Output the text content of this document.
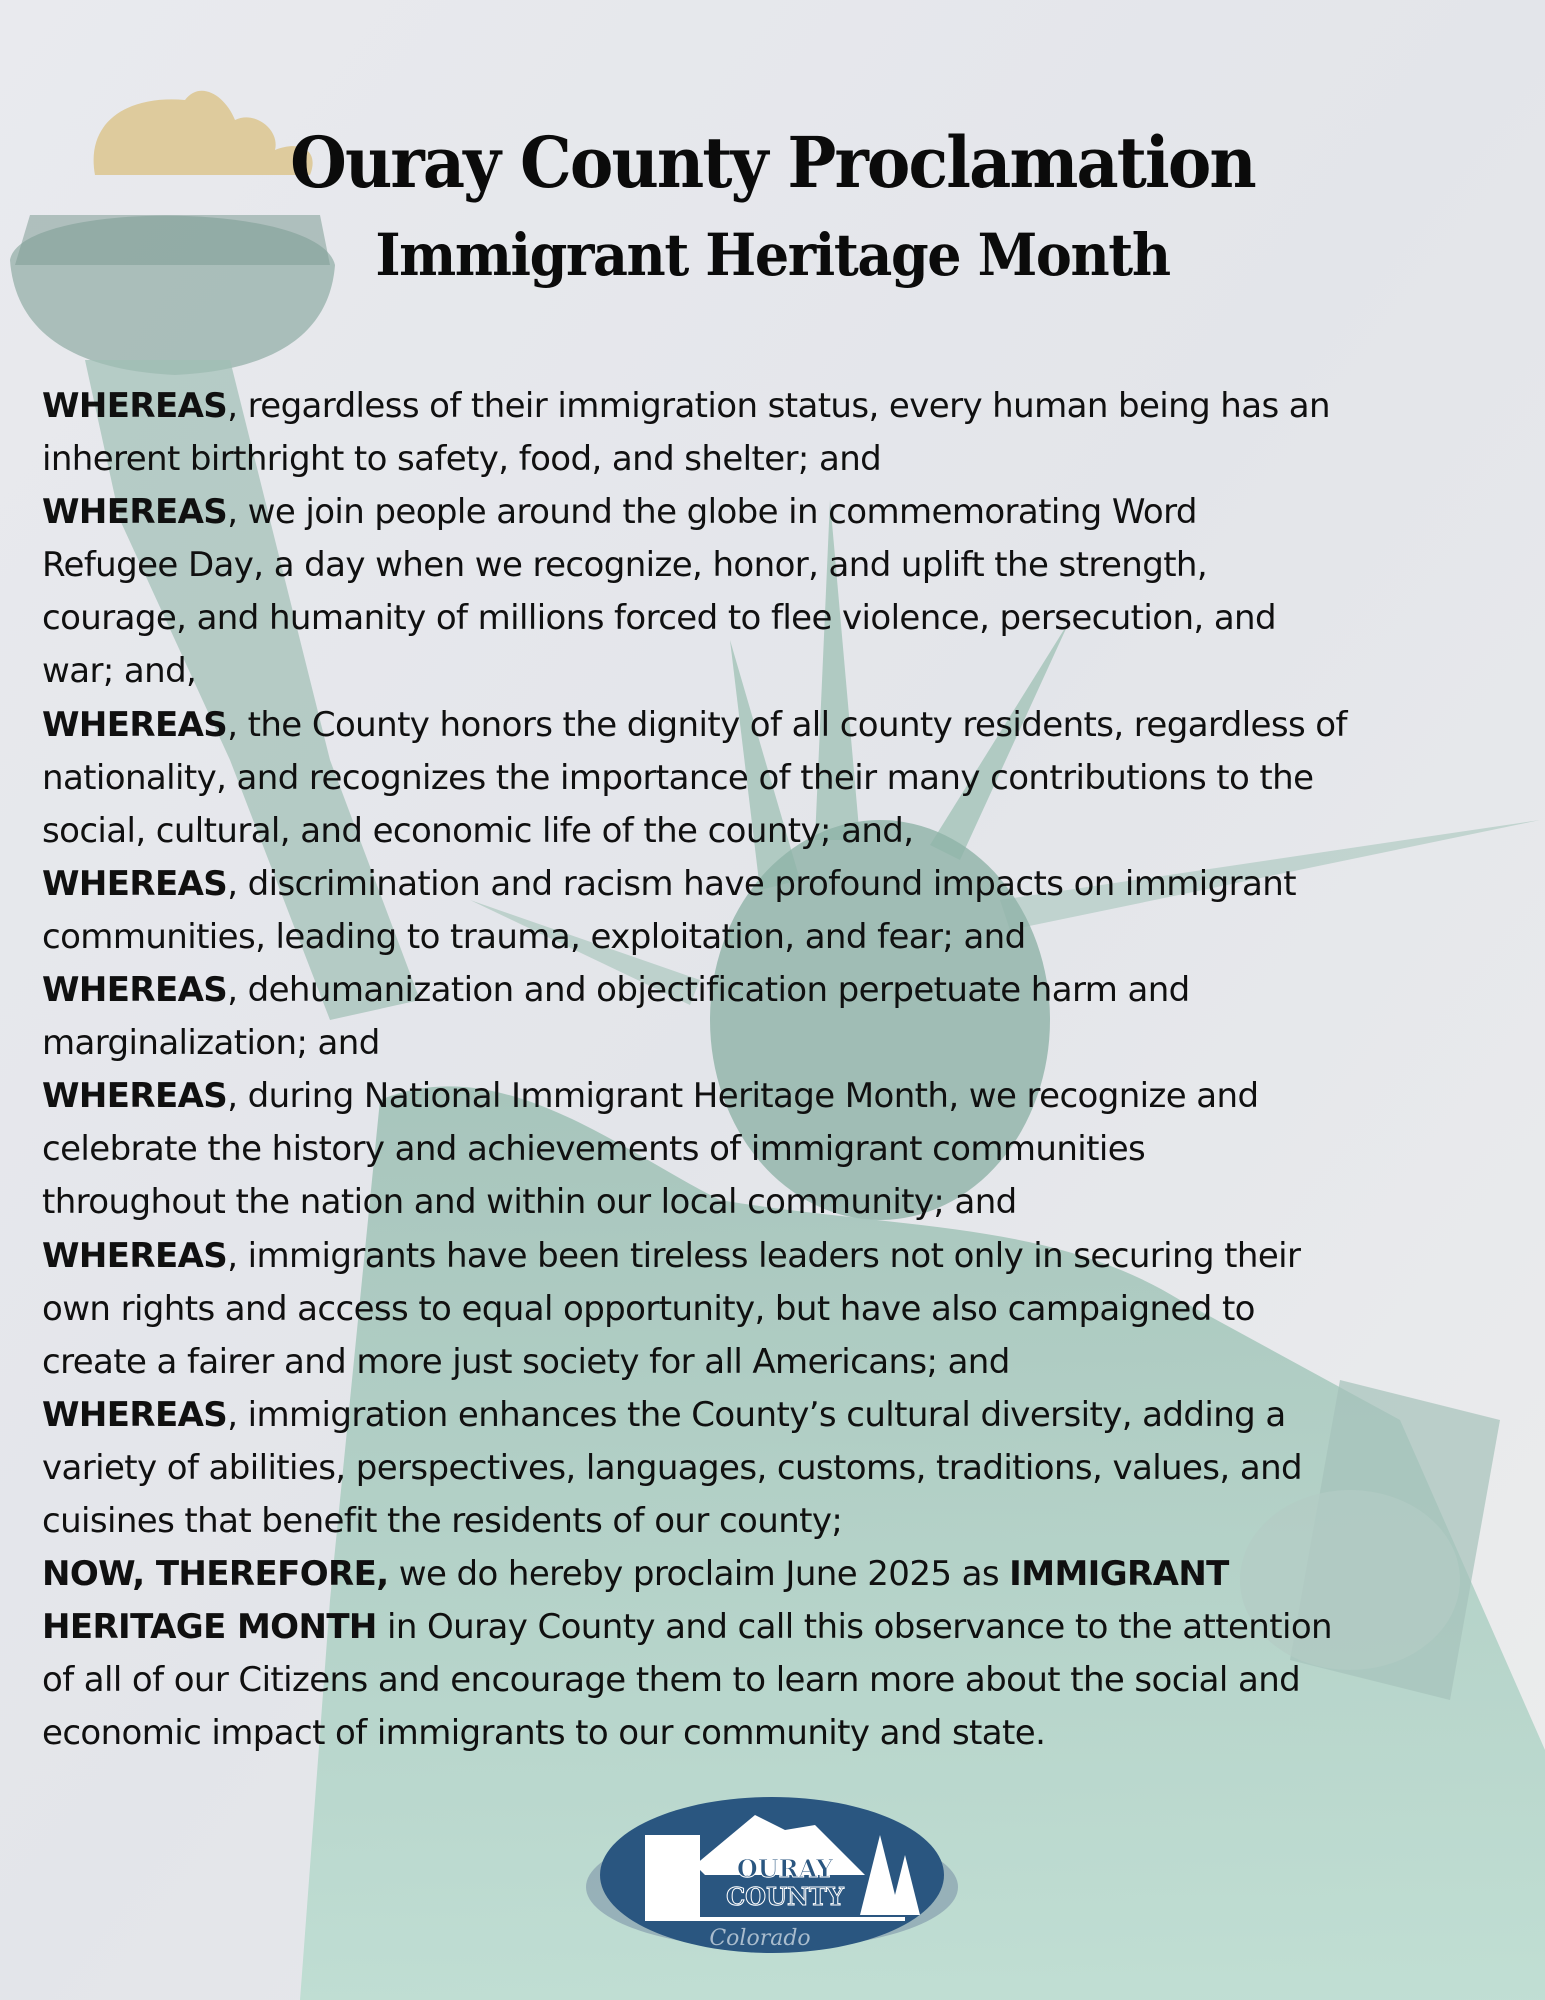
Ouray County Proclamation
Immigrant Heritage Month
WHEREAS, regardless of their immigration status, every human being has an
inherent birthright to safety, food, and shelter; and
WHEREAS, we join people around the globe in commemorating Word
Refugee Day, a day when we recognize, honor, and uplift the strength,
courage, and humanity of millions forced to flee violence, persecution, and
war; and,
WHEREAS, the County honors the dignity of all county residents, regardless of
nationality, and recognizes the importance of their many contributions to the
social, cultural, and economic life of the county; and,
WHEREAS, discrimination and racism have profound impacts on immigrant
communities, leading to trauma, exploitation, and fear; and
WHEREAS, dehumanization and objectification perpetuate harm and
marginalization; and
WHEREAS, during National Immigrant Heritage Month, we recognize and
celebrate the history and achievements of immigrant communities
throughout the nation and within our local community; and
WHEREAS, immigrants have been tireless leaders not only in securing their
own rights and access to equal opportunity, but have also campaigned to
create a fairer and more just society for all Americans; and
WHEREAS, immigration enhances the County’s cultural diversity, adding a
variety of abilities, perspectives, languages, customs, traditions, values, and
cuisines that benefit the residents of our county;
NOW, THEREFORE, we do hereby proclaim June 2025 as IMMIGRANT
HERITAGE MONTH in Ouray County and call this observance to the attention
of all of our Citizens and encourage them to learn more about the social and
economic impact of immigrants to our community and state.
OURAY
COUNTY
Colorado
